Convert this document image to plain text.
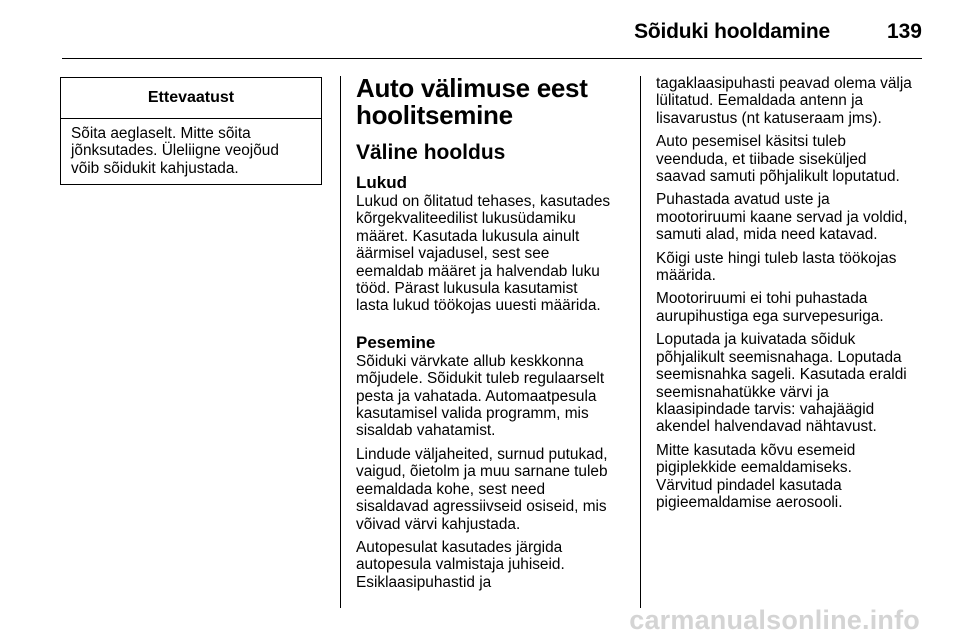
Sõiduki hooldamine	139
Ettevaatust
Sõita aeglaselt. Mitte sõita
jõnksutades. Üleliigne veojõud
võib sõidukit kahjustada.
Auto välimuse eest
hoolitsemine
Väline hooldus
Lukud

Lukud on õlitatud tehases, kasutades
kõrgekvaliteedilist lukusüdamiku
määret. Kasutada lukusula ainult
äärmisel vajadusel, sest see
eemaldab määret ja halvendab luku
tööd. Pärast lukusula kasutamist
lasta lukud töökojas uuesti määrida.

Pesemine

Sõiduki värvkate allub keskkonna
mõjudele. Sõidukit tuleb regulaarselt
pesta ja vahatada. Automaatpesula
kasutamisel valida programm, mis
sisaldab vahatamist.

Lindude väljaheited, surnud putukad,
vaigud, õietolm ja muu sarnane tuleb
eemaldada kohe, sest need
sisaldavad agressiivseid osiseid, mis
võivad värvi kahjustada.

Autopesulat kasutades järgida
autopesula valmistaja juhiseid.
Esiklaasipuhastid ja

tagaklaasipuhasti peavad olema välja
lülitatud. Eemaldada antenn ja
lisavarustus (nt katuseraam jms).

Auto pesemisel käsitsi tuleb
veenduda, et tiibade siseküljed
saavad samuti põhjalikult loputatud.

Puhastada avatud uste ja
mootoriruumi kaane servad ja voldid,
samuti alad, mida need katavad.

Kõigi uste hingi tuleb lasta töökojas
määrida.

Mootoriruumi ei tohi puhastada
aurupihustiga ega survepesuriga.

Loputada ja kuivatada sõiduk
põhjalikult seemisnahaga. Loputada
seemisnahka sageli. Kasutada eraldi
seemisnahatükke värvi ja
klaasipindade tarvis: vahajäägid
akendel halvendavad nähtavust.

Mitte kasutada kõvu esemeid
pigiplekkide eemaldamiseks.
Värvitud pindadel kasutada
pigieemaldamise aerosooli.

carmanualsonline.info
